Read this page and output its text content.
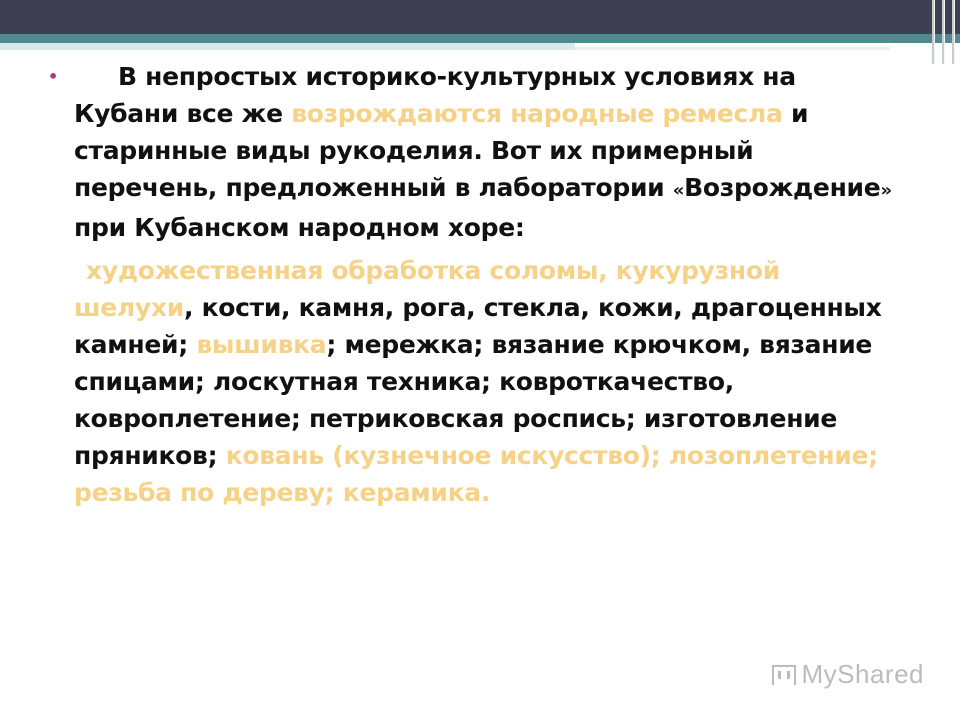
• В непростых историко-культурных условиях на Кубани все же возрождаются народные ремесла и старинные виды рукоделия. Вот их примерный перечень, предложенный в лаборатории «Возрождение» при Кубанском народном хоре:

художественная обработка соломы, кукурузной шелухи, кости, камня, рога, стекла, кожи, драгоценных камней; вышивка; мережка; вязание крючком, вязание спицами; лоскутная техника; ковроткачество, ковроплетение; петриковская роспись; изготовление пряников; ковань (кузнечное искусство); лозоплетение; резьба по дереву; керамика.

MyShared
